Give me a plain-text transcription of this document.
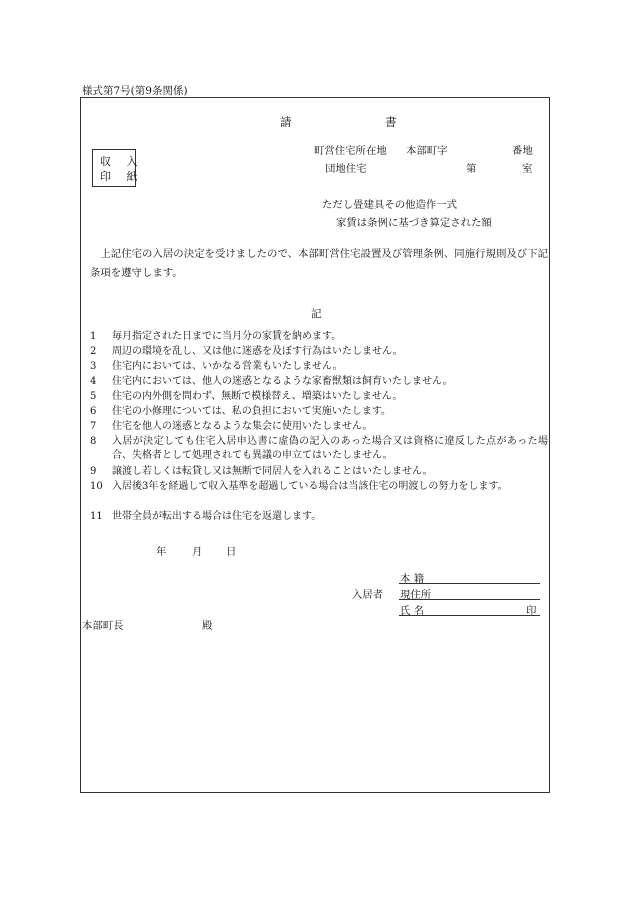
様式第7号(第9条関係)
請	書
収 入
印 紙
町営住宅所在地 本部町字	番地
団地住宅	第	室
ただし畳建具その他造作一式
家賃は条例に基づき算定された額
上記住宅の入居の決定を受けましたので、本部町営住宅設置及び管理条例、同施行規則及び下記条項を遵守します。
記
1 毎月指定された日までに当月分の家賃を納めます。
2 周辺の環境を乱し、又は他に迷惑を及ぼす行為はいたしません。
3 住宅内においては、いかなる営業もいたしません。
4 住宅内においては、他人の迷惑となるような家畜獣類は飼育いたしません。
5 住宅の内外側を問わず、無断で模様替え、増築はいたしません。
6 住宅の小修理については、私の負担において実施いたします。
7 住宅を他人の迷惑となるような集会に使用いたしません。
8 入居が決定しても住宅入居申込書に虚偽の記入のあった場合又は資格に違反した点があった場合、失格者として処理されても異議の申立てはいたしません。
9 譲渡し若しくは転貸し又は無断で同居人を入れることはいたしません。
10 入居後3年を経過して収入基準を超過している場合は当該住宅の明渡しの努力をします。
11 世帯全員が転出する場合は住宅を返還します。
年 月 日
本 籍
入居者 現住所
氏 名	印
本部町長	殿
